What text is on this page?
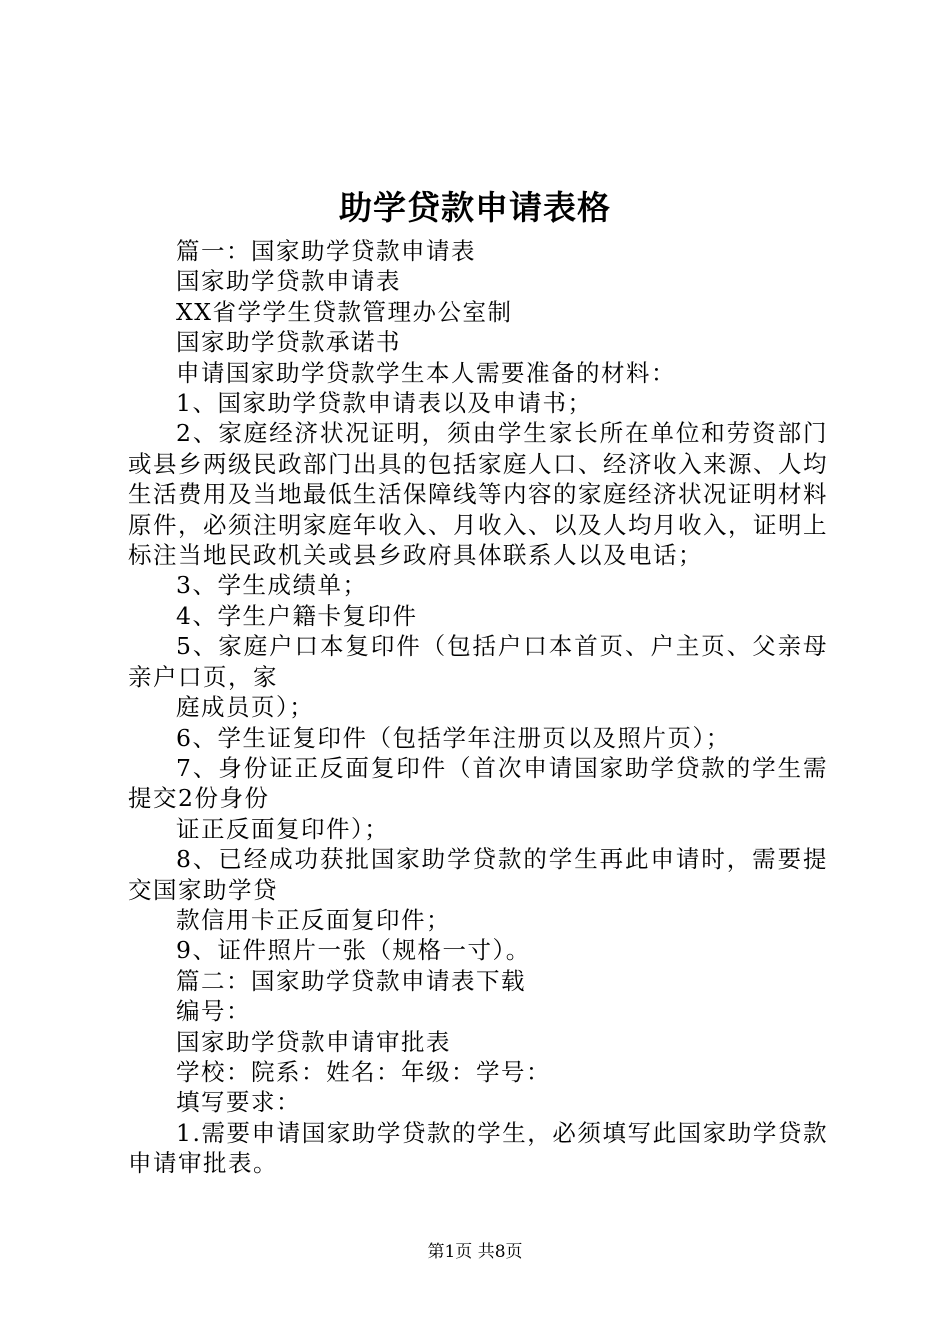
助学贷款申请表格

篇一：国家助学贷款申请表

国家助学贷款申请表

XX省学学生贷款管理办公室制

国家助学贷款承诺书

申请国家助学贷款学生本人需要准备的材料：

1、国家助学贷款申请表以及申请书；

2、家庭经济状况证明，须由学生家长所在单位和劳资部门或县乡两级民政部门出具的包括家庭人口、经济收入来源、人均生活费用及当地最低生活保障线等内容的家庭经济状况证明材料原件，必须注明家庭年收入、月收入、以及人均月收入，证明上标注当地民政机关或县乡政府具体联系人以及电话；

3、学生成绩单；

4、学生户籍卡复印件

5、家庭户口本复印件（包括户口本首页、户主页、父亲母亲户口页，家

庭成员页）；

6、学生证复印件（包括学年注册页以及照片页）；

7、身份证正反面复印件（首次申请国家助学贷款的学生需提交2份身份

证正反面复印件）；

8、已经成功获批国家助学贷款的学生再此申请时，需要提交国家助学贷

款信用卡正反面复印件；

9、证件照片一张（规格一寸）。

篇二：国家助学贷款申请表下载

编号：

国家助学贷款申请审批表

学校：院系：姓名：年级：学号：

填写要求：

1.需要申请国家助学贷款的学生，必须填写此国家助学贷款申请审批表。

第1页 共8页
